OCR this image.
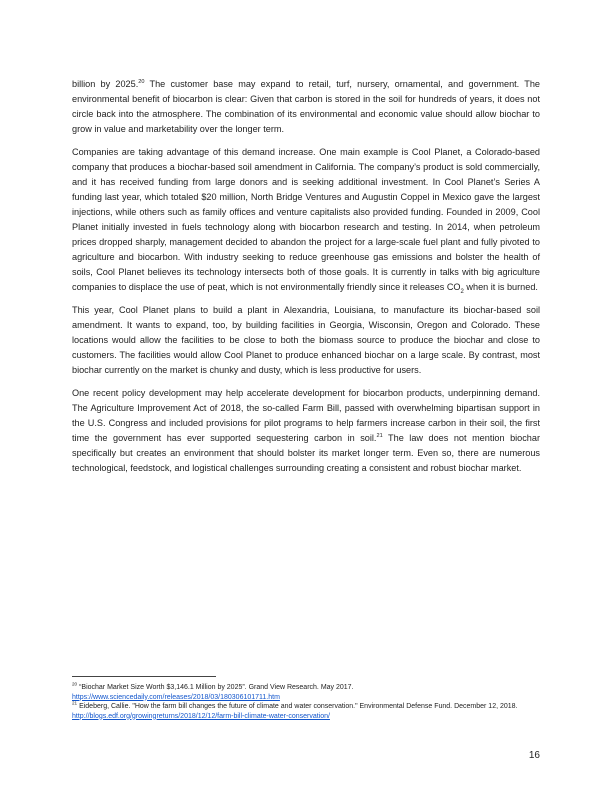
billion by 2025.20 The customer base may expand to retail, turf, nursery, ornamental, and government. The environmental benefit of biocarbon is clear: Given that carbon is stored in the soil for hundreds of years, it does not circle back into the atmosphere. The combination of its environmental and economic value should allow biochar to grow in value and marketability over the longer term.

Companies are taking advantage of this demand increase. One main example is Cool Planet, a Colorado-based company that produces a biochar-based soil amendment in California. The company’s product is sold commercially, and it has received funding from large donors and is seeking additional investment. In Cool Planet’s Series A funding last year, which totaled $20 million, North Bridge Ventures and Augustin Coppel in Mexico gave the largest injections, while others such as family offices and venture capitalists also provided funding. Founded in 2009, Cool Planet initially invested in fuels technology along with biocarbon research and testing. In 2014, when petroleum prices dropped sharply, management decided to abandon the project for a large-scale fuel plant and fully pivoted to agriculture and biocarbon. With industry seeking to reduce greenhouse gas emissions and bolster the health of soils, Cool Planet believes its technology intersects both of those goals. It is currently in talks with big agriculture companies to displace the use of peat, which is not environmentally friendly since it releases $CO_2$ when it is burned.

This year, Cool Planet plans to build a plant in Alexandria, Louisiana, to manufacture its biochar-based soil amendment. It wants to expand, too, by building facilities in Georgia, Wisconsin, Oregon and Colorado. These locations would allow the facilities to be close to both the biomass source to produce the biochar and close to customers. The facilities would allow Cool Planet to produce enhanced biochar on a large scale. By contrast, most biochar currently on the market is chunky and dusty, which is less productive for users.

One recent policy development may help accelerate development for biocarbon products, underpinning demand. The Agriculture Improvement Act of 2018, the so-called Farm Bill, passed with overwhelming bipartisan support in the U.S. Congress and included provisions for pilot programs to help farmers increase carbon in their soil, the first time the government has ever supported sequestering carbon in soil.$^{21}$ The law does not mention biochar specifically but creates an environment that should bolster its market longer term. Even so, there are numerous technological, feedstock, and logistical challenges surrounding creating a consistent and robust biochar market.

$^{20}$ “Biochar Market Size Worth $3,146.1 Million by 2025”. Grand View Research. May 2017.
https://www.sciencedaily.com/releases/2018/03/180306101711.htm

$^{21}$ Eideberg, Callie. "How the farm bill changes the future of climate and water conservation." Environmental Defense Fund. December 12, 2018. http://blogs.edf.org/growingreturns/2018/12/12/farm-bill-climate-water-conservation/

16
